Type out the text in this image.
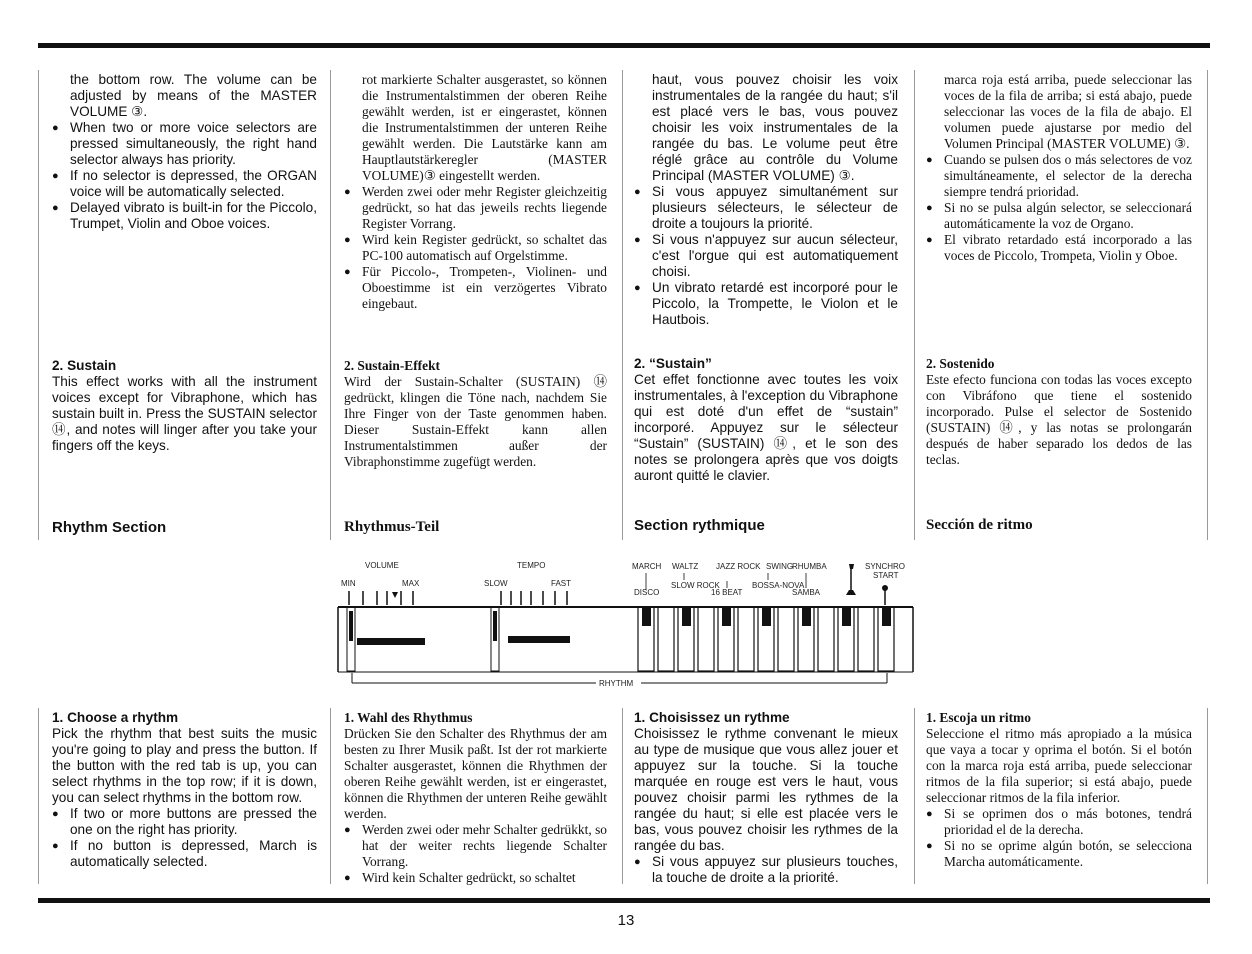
the bottom row. The volume can be adjusted by means of the MASTER VOLUME ③.

● When two or more voice selectors are pressed simultaneously, the right hand selector always has priority.

● If no selector is depressed, the ORGAN voice will be automatically selected.

● Delayed vibrato is built-in for the Piccolo, Trumpet, Violin and Oboe voices.

rot markierte Schalter ausgerastet, so können die Instrumentalstimmen der oberen Reihe gewählt werden, ist er eingerastet, können die Instrumentalstimmen der unteren Reihe gewählt werden. Die Lautstärke kann am Hauptlautstärkeregler (MASTER VOLUME)③ eingestellt werden.

● Werden zwei oder mehr Register gleichzeitig gedrückt, so hat das jeweils rechts liegende Register Vorrang.

● Wird kein Register gedrückt, so schaltet das PC-100 automatisch auf Orgelstimme.

● Für Piccolo-, Trompeten-, Violinen- und Oboestimme ist ein verzögertes Vibrato eingebaut.

haut, vous pouvez choisir les voix instrumentales de la rangée du haut; s'il est placé vers le bas, vous pouvez choisir les voix instrumentales de la rangée du bas. Le volume peut être réglé grâce au contrôle du Volume Principal (MASTER VOLUME) ③.

● Si vous appuyez simultanément sur plusieurs sélecteurs, le sélecteur de droite a toujours la priorité.

● Si vous n'appuyez sur aucun sélecteur, c'est l'orgue qui est automatiquement choisi.

● Un vibrato retardé est incorporé pour le Piccolo, la Trompette, le Violon et le Hautbois.

marca roja está arriba, puede seleccionar las voces de la fila de arriba; si está abajo, puede seleccionar las voces de la fila de abajo. El volumen puede ajustarse por medio del Volumen Principal (MASTER VOLUME) ③.

● Cuando se pulsen dos o más selectores de voz simultáneamente, el selector de la derecha siempre tendrá prioridad.

● Si no se pulsa algún selector, se seleccionará automáticamente la voz de Organo.

● El vibrato retardado está incorporado a las voces de Piccolo, Trompeta, Violin y Oboe.

2. Sustain

This effect works with all the instrument voices except for Vibraphone, which has sustain built in. Press the SUSTAIN selector ⑭, and notes will linger after you take your fingers off the keys.

2. Sustain-Effekt

Wird der Sustain-Schalter (SUSTAIN) ⑭ gedrückt, klingen die Töne nach, nachdem Sie Ihre Finger von der Taste genommen haben. Dieser Sustain-Effekt kann allen Instrumentalstimmen außer der Vibraphonstimme zugefügt werden.

2. “Sustain”

Cet effet fonctionne avec toutes les voix instrumentales, à l'exception du Vibraphone qui est doté d'un effet de “sustain” incorporé. Appuyez sur le sélecteur “Sustain” (SUSTAIN) ⑭, et le son des notes se prolongera après que vos doigts auront quitté le clavier.

2. Sostenido

Este efecto funciona con todas las voces excepto con Vibráfono que tiene el sostenido incorporado. Pulse el selector de Sostenido (SUSTAIN) ⑭, y las notas se prolongarán después de haber separado los dedos de las teclas.

Rhythm Section	Rhythmus-Teil	Section rythmique	Sección de ritmo
VOLUME
MIN	MAX
TEMPO
SLOW	FAST
MARCH WALTZ JAZZ ROCK SWING
RHUMBA
DISCO
SLOW ROCK
16 BEAT
BOSSA-NOVA
SAMBA
SYNCHRO
START
RHYTHM

1. Choose a rhythm

Pick the rhythm that best suits the music you're going to play and press the button. If the button with the red tab is up, you can select rhythms in the top row; if it is down, you can select rhythms in the bottom row.

● If two or more buttons are pressed the one on the right has priority.

● If no button is depressed, March is automatically selected.

1. Wahl des Rhythmus

Drücken Sie den Schalter des Rhythmus der am besten zu Ihrer Musik paßt. Ist der rot markierte Schalter ausgerastet, können die Rhythmen der oberen Reihe gewählt werden, ist er eingerastet, können die Rhythmen der unteren Reihe gewählt werden.

● Werden zwei oder mehr Schalter gedrükkt, so hat der weiter rechts liegende Schalter Vorrang.

● Wird kein Schalter gedrückt, so schaltet

1. Choisissez un rythme

Choisissez le rythme convenant le mieux au type de musique que vous allez jouer et appuyez sur la touche. Si la touche marquée en rouge est vers le haut, vous pouvez choisir parmi les rythmes de la rangée du haut; si elle est placée vers le bas, vous pouvez choisir les rythmes de la rangée du bas.

● Si vous appuyez sur plusieurs touches, la touche de droite a la priorité.

1. Escoja un ritmo

Seleccione el ritmo más apropiado a la música que vaya a tocar y oprima el botón. Si el botón con la marca roja está arriba, puede seleccionar ritmos de la fila superior; si está abajo, puede seleccionar ritmos de la fila inferior.

● Si se oprimen dos o más botones, tendrá prioridad el de la derecha.

● Si no se oprime algún botón, se selecciona Marcha automáticamente.

13
